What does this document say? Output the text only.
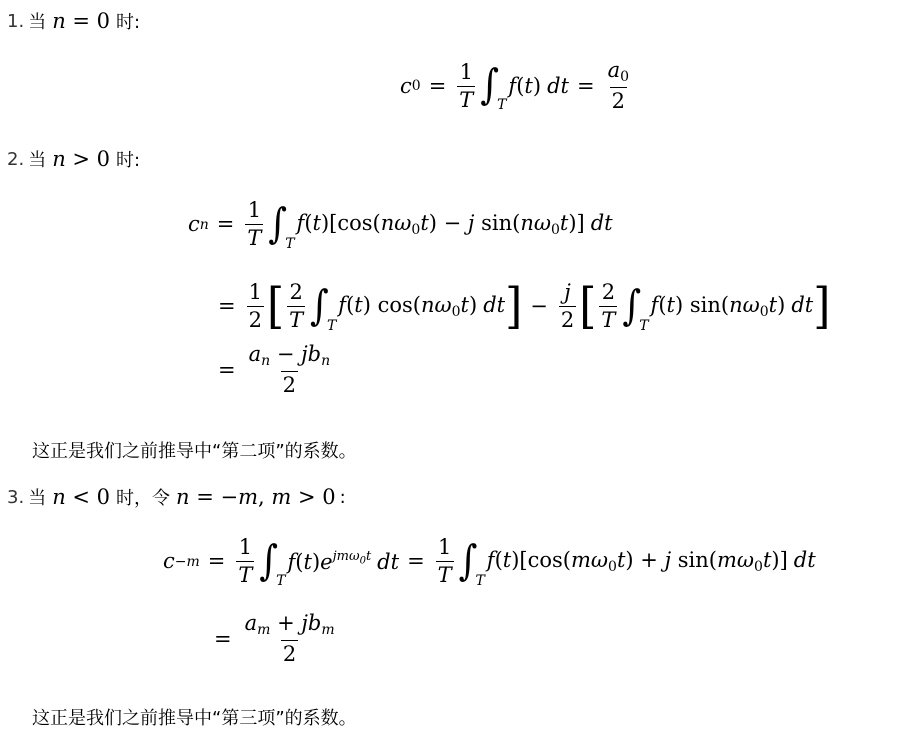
1. 当 n = 0 时:
c $0 = \frac{1}{T}$ ∫
T
f(t) dt = $\frac{a_0}{2}$
2. 当 n > 0 时:
c $n = \frac{1}{T}$ ∫
T
$f(t)[\cos(n\omega_0t) - j$ $\sin(n\omega_0t)$] dt
= $\frac{1}{2}$ [ $\frac{2}{T}$ ∫
T
f(t) $\cos(n\omega_0t)$ dt ] − $\frac{j}{2}$ [ $\frac{2}{T}$ ∫
T
f(t) $\sin(n\omega_0t)$ dt ]
= $\frac{a_n - jb_n}{2}$
这正是我们之前推导中“第二项”的系数。
3. 当 n < 0 时，令 n = −m, m > 0 :
$c -m = \frac{1}{T}$ ∫
T
$f(t)e^{jm\omega_0t}$ dt = $\frac{1}{T}$ ∫
T
$f(t)[\cos(m\omega_0t) + j$ $\sin(m\omega_0t)$] dt
= $\frac{a_m + jb_m}{2}$
这正是我们之前推导中“第三项”的系数。
